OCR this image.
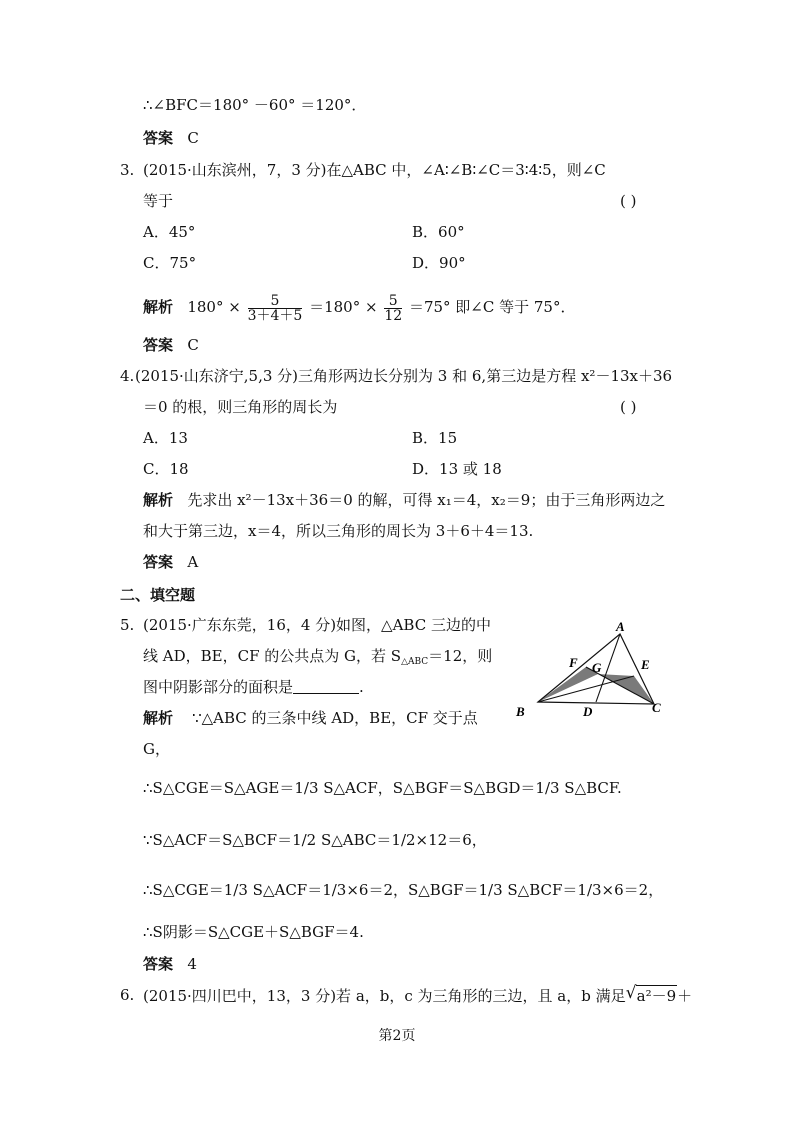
∴∠BFC＝180° －60° ＝120°．
答案 C
3. (2015·山东滨州，7，3 分)在△ABC 中，∠A∶∠B∶∠C＝3∶4∶5，则∠C
等于	( )
A．45°	B．60°
C．75°	D．90°
解析 $180^\circ \times \frac{5}{3+4+5} =180^\circ \times \frac{5}{12} =75^\circ$ 即∠C 等于 75°．
答案 C
4. (2015·山东济宁,5,3 分)三角形两边长分别为 3 和 6,第三边是方程 x²－13x＋36
＝0 的根，则三角形的周长为	( )
A．13	B．15
C．18	D．13 或 18
解析 先求出 x²－13x＋36＝0 的解，可得 x₁＝4，x₂＝9；由于三角形两边之
和大于第三边，x＝4，所以三角形的周长为 3＋6＋4＝13.
答案 A
二、填空题
5. (2015·广东东莞，16，4 分)如图，△ABC 三边的中
线 AD，BE，CF 的公共点为 G，若 $S_{\triangle ABC}=12$，则
图中阴影部分的面积是	.
解析 ∵△ABC 的三条中线 AD，BE，CF 交于点
G，
∴S△CGE＝S△AGE＝1/3 S△ACF，S△BGF＝S△BGD＝1/3 S△BCF.
∵S△ACF＝S△BCF＝1/2 S△ABC＝1/2×12＝6，
∴S△CGE＝1/3 S△ACF＝1/3×6＝2，S△BGF＝1/3 S△BCF＝1/3×6＝2，
∴S阴影＝S△CGE＋S△BGF＝4.
答案 4
A
B	C
D
E
F G
6. (2015·四川巴中，13，3 分)若 a，b，c 为三角形的三边，且 a，b 满足√ a²－9＋
第2页
